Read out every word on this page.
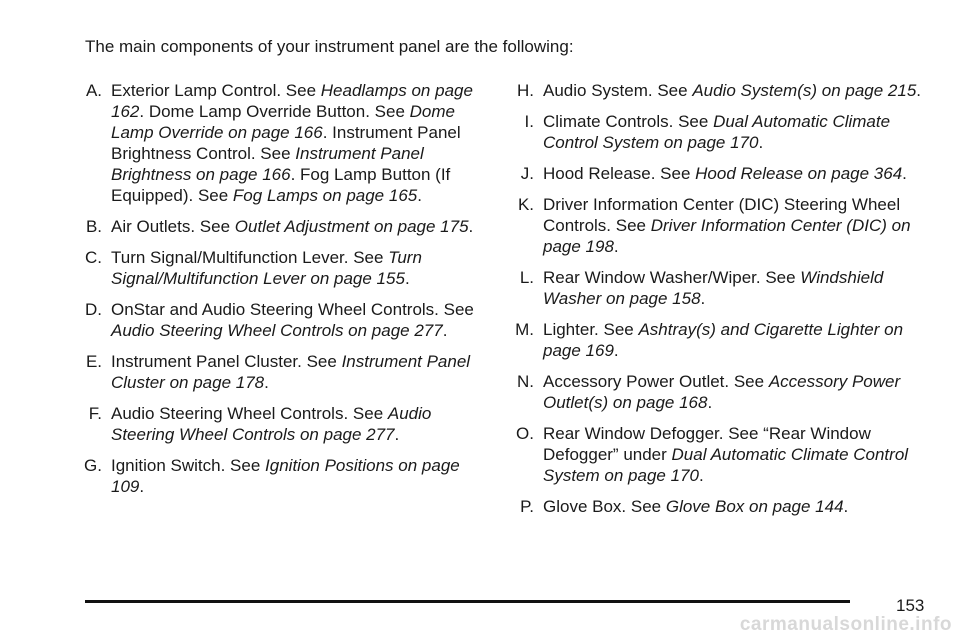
The main components of your instrument panel are the following:
A. Exterior Lamp Control. See Headlamps on page 162. Dome Lamp Override Button. See Dome Lamp Override on page 166. Instrument Panel Brightness Control. See Instrument Panel Brightness on page 166. Fog Lamp Button (If Equipped). See Fog Lamps on page 165.
B. Air Outlets. See Outlet Adjustment on page 175.
C. Turn Signal/Multifunction Lever. See Turn Signal/Multifunction Lever on page 155.
D. OnStar and Audio Steering Wheel Controls. See Audio Steering Wheel Controls on page 277.
E. Instrument Panel Cluster. See Instrument Panel Cluster on page 178.
F. Audio Steering Wheel Controls. See Audio Steering Wheel Controls on page 277.
G. Ignition Switch. See Ignition Positions on page 109.
H. Audio System. See Audio System(s) on page 215.
I. Climate Controls. See Dual Automatic Climate Control System on page 170.
J. Hood Release. See Hood Release on page 364.
K. Driver Information Center (DIC) Steering Wheel Controls. See Driver Information Center (DIC) on page 198.
L. Rear Window Washer/Wiper. See Windshield Washer on page 158.
M. Lighter. See Ashtray(s) and Cigarette Lighter on page 169.
N. Accessory Power Outlet. See Accessory Power Outlet(s) on page 168.
O. Rear Window Defogger. See “Rear Window Defogger” under Dual Automatic Climate Control System on page 170.
P. Glove Box. See Glove Box on page 144.
153
carmanualsonline.info
